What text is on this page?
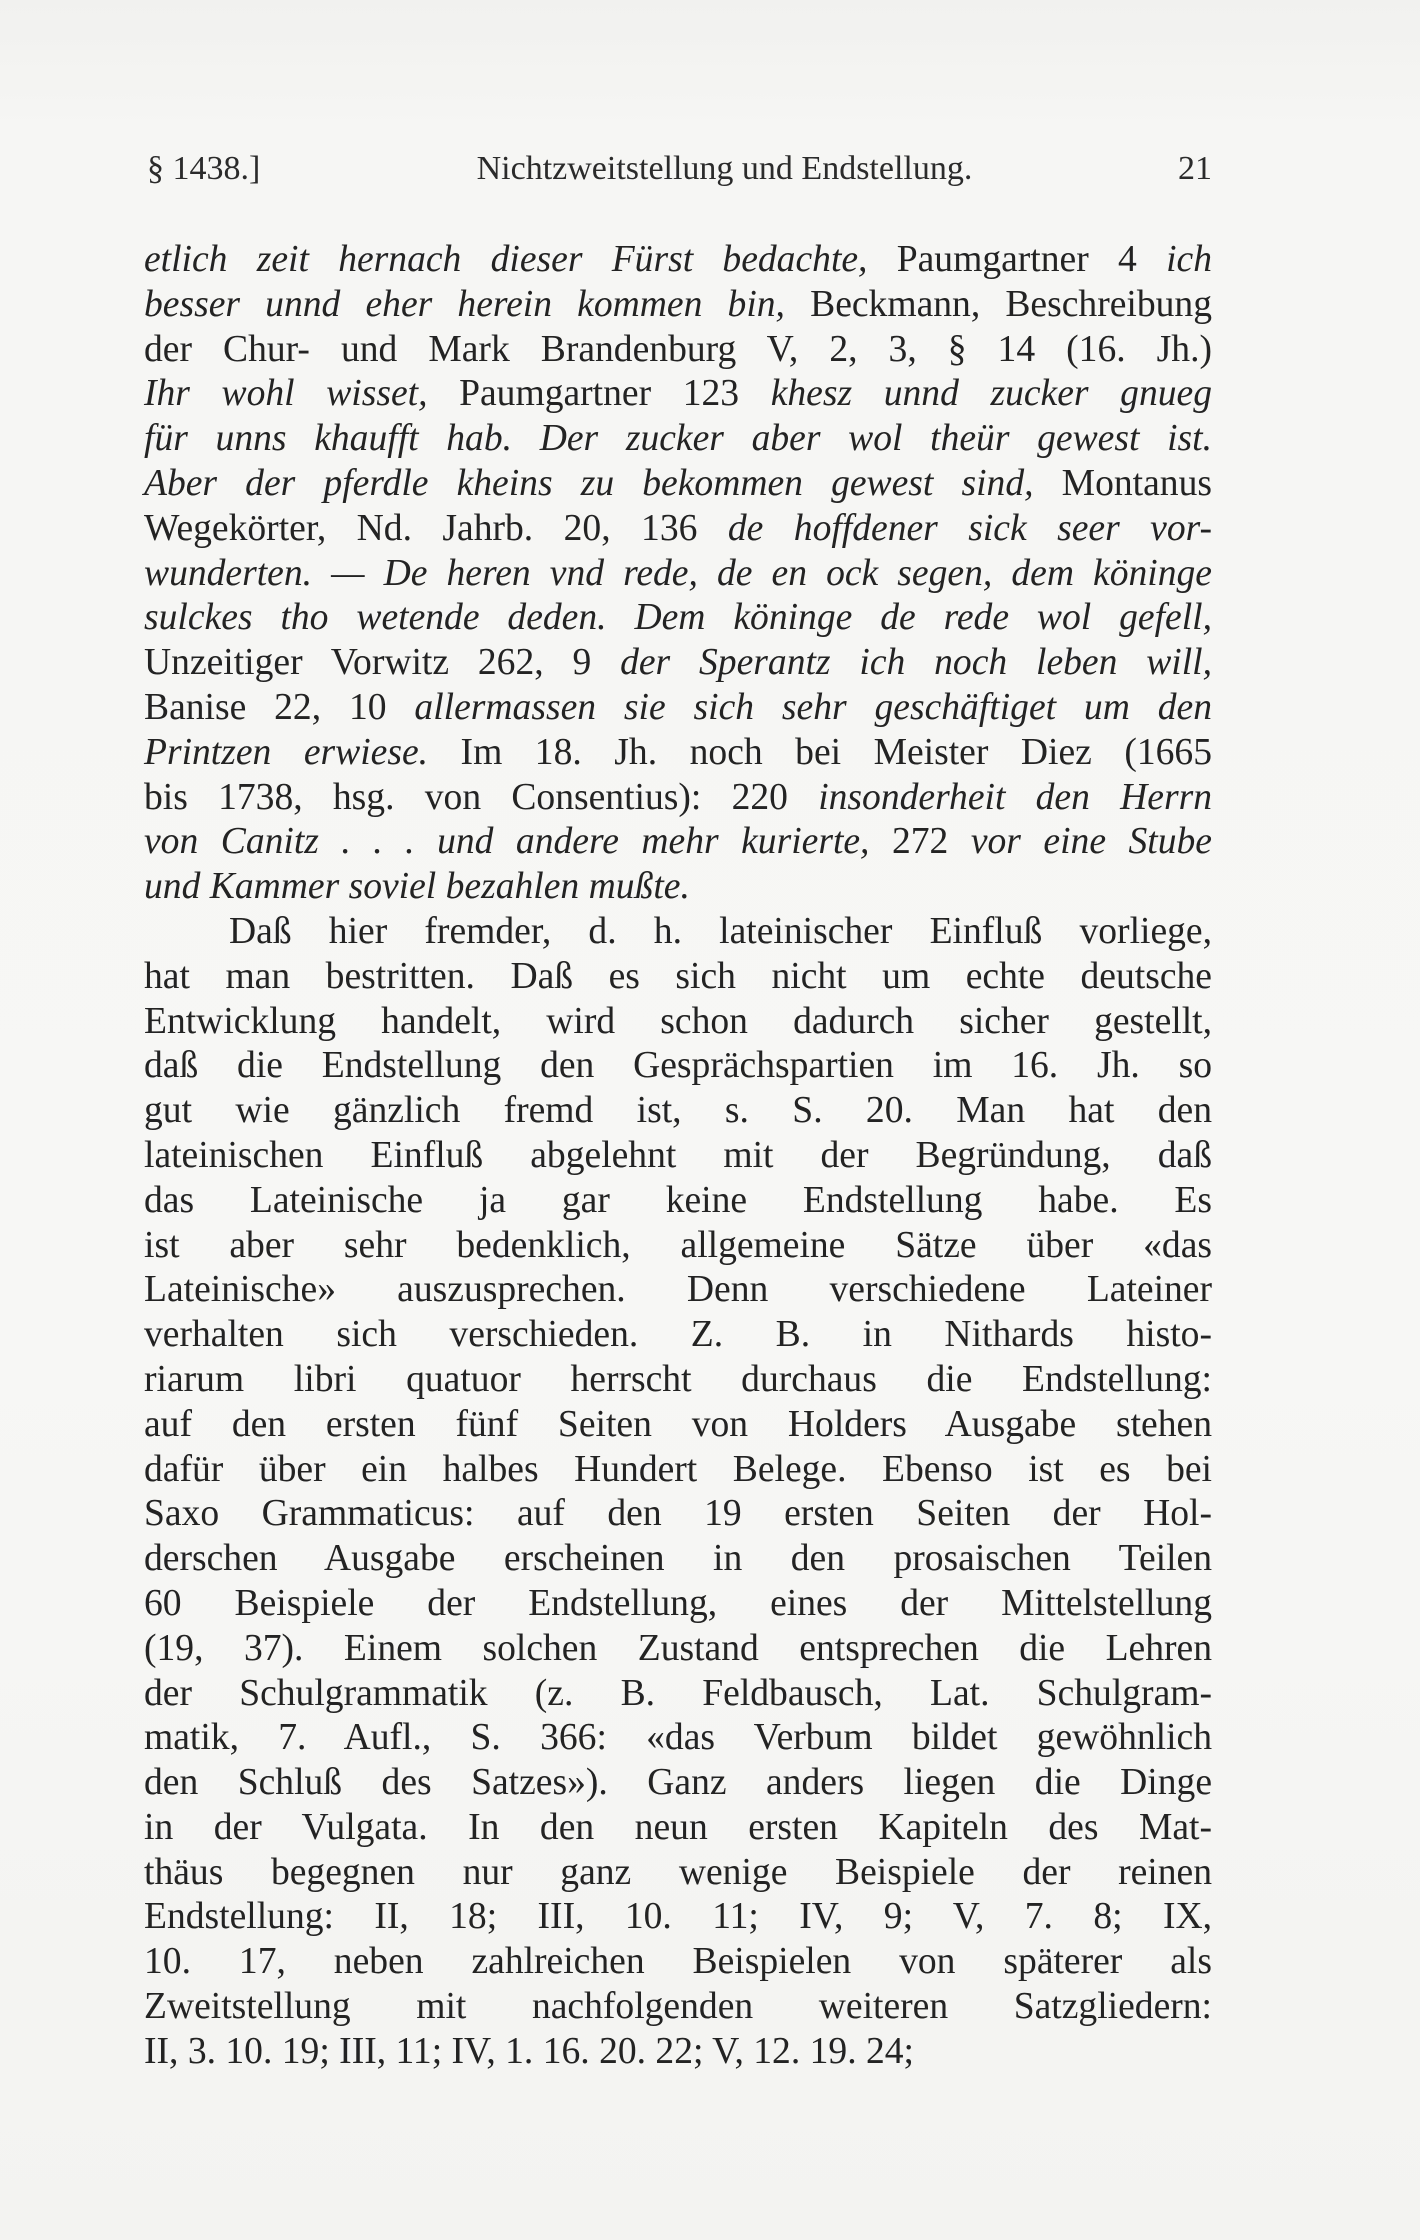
§ 1438.]	Nichtzweitstellung und Endstellung.	21
etlich zeit hernach dieser Fürst bedachte, Paumgartner 4 ich
besser unnd eher herein kommen bin, Beckmann, Beschreibung
der Chur- und Mark Brandenburg V, 2, 3, § 14 (16. Jh.)
Ihr wohl wisset, Paumgartner 123 khesz unnd zucker gnueg
für unns khaufft hab. Der zucker aber wol theür gewest ist.
Aber der pferdle kheins zu bekommen gewest sind, Montanus
Wegekörter, Nd. Jahrb. 20, 136 de hoffdener sick seer vor-
wunderten. — De heren vnd rede, de en ock segen, dem köninge
sulckes tho wetende deden. Dem köninge de rede wol gefell,
Unzeitiger Vorwitz 262, 9 der Sperantz ich noch leben will,
Banise 22, 10 allermassen sie sich sehr geschäftiget um den
Printzen erwiese. Im 18. Jh. noch bei Meister Diez (1665
bis 1738, hsg. von Consentius): 220 insonderheit den Herrn
von Canitz . . . und andere mehr kurierte, 272 vor eine Stube
und Kammer soviel bezahlen mußte.
Daß hier fremder, d. h. lateinischer Einfluß vorliege,
hat man bestritten. Daß es sich nicht um echte deutsche
Entwicklung handelt, wird schon dadurch sicher gestellt,
daß die Endstellung den Gesprächspartien im 16. Jh. so
gut wie gänzlich fremd ist, s. S. 20. Man hat den
lateinischen Einfluß abgelehnt mit der Begründung, daß
das Lateinische ja gar keine Endstellung habe. Es
ist aber sehr bedenklich, allgemeine Sätze über «das
Lateinische» auszusprechen. Denn verschiedene Lateiner
verhalten sich verschieden. Z. B. in Nithards histo-
riarum libri quatuor herrscht durchaus die Endstellung:
auf den ersten fünf Seiten von Holders Ausgabe stehen
dafür über ein halbes Hundert Belege. Ebenso ist es bei
Saxo Grammaticus: auf den 19 ersten Seiten der Hol-
derschen Ausgabe erscheinen in den prosaischen Teilen
60 Beispiele der Endstellung, eines der Mittelstellung
(19, 37). Einem solchen Zustand entsprechen die Lehren
der Schulgrammatik (z. B. Feldbausch, Lat. Schulgram-
matik, 7. Aufl., S. 366: «das Verbum bildet gewöhnlich
den Schluß des Satzes»). Ganz anders liegen die Dinge
in der Vulgata. In den neun ersten Kapiteln des Mat-
thäus begegnen nur ganz wenige Beispiele der reinen
Endstellung: II, 18; III, 10. 11; IV, 9; V, 7. 8; IX,
10. 17, neben zahlreichen Beispielen von späterer als
Zweitstellung mit nachfolgenden weiteren Satzgliedern:
II, 3. 10. 19; III, 11; IV, 1. 16. 20. 22; V, 12. 19. 24;
